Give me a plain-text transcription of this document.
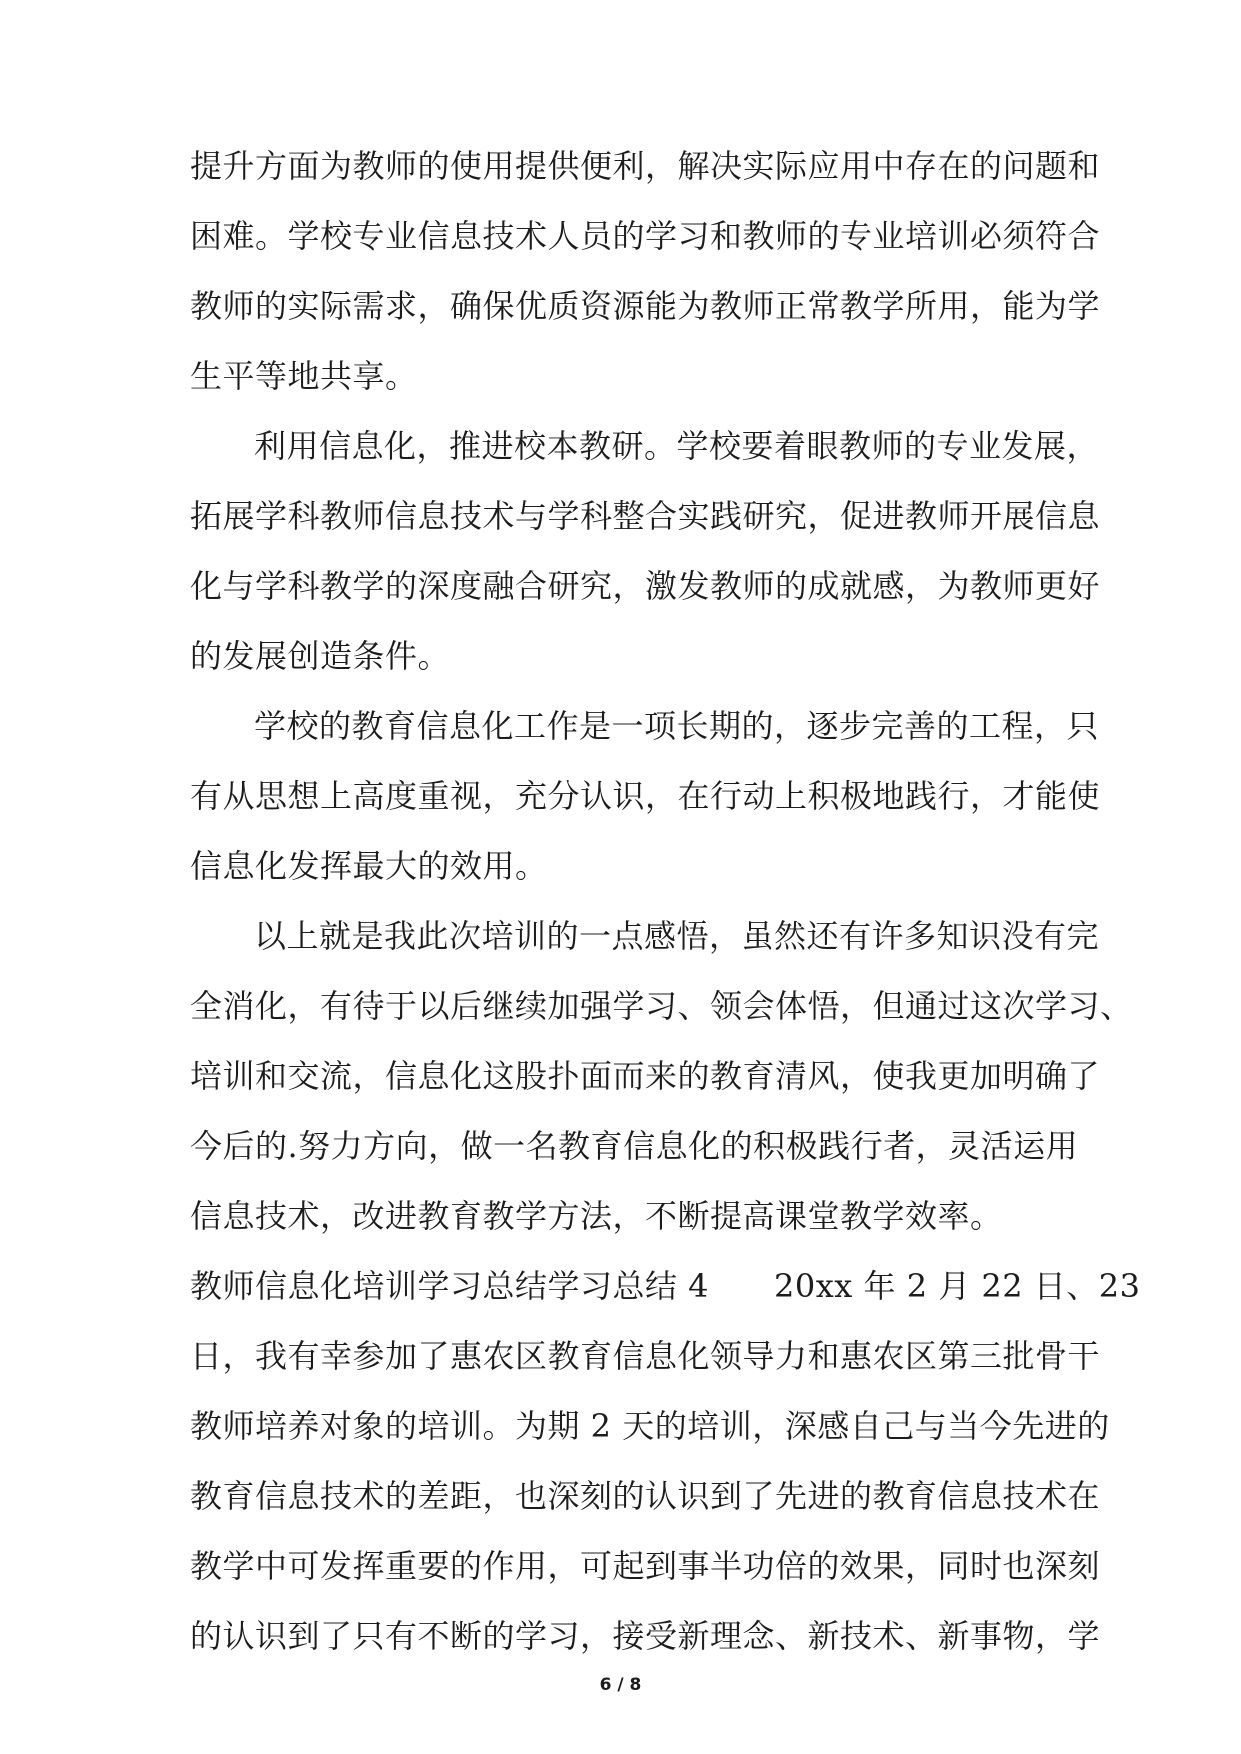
提升方面为教师的使用提供便利，解决实际应用中存在的问题和
困难。学校专业信息技术人员的学习和教师的专业培训必须符合
教师的实际需求，确保优质资源能为教师正常教学所用，能为学
生平等地共享。
利用信息化，推进校本教研。学校要着眼教师的专业发展，
拓展学科教师信息技术与学科整合实践研究，促进教师开展信息
化与学科教学的深度融合研究，激发教师的成就感，为教师更好
的发展创造条件。
学校的教育信息化工作是一项长期的，逐步完善的工程，只
有从思想上高度重视，充分认识，在行动上积极地践行，才能使
信息化发挥最大的效用。
以上就是我此次培训的一点感悟，虽然还有许多知识没有完
全消化，有待于以后继续加强学习、领会体悟，但通过这次学习、
培训和交流，信息化这股扑面而来的教育清风，使我更加明确了
今后的.努力方向，做一名教育信息化的积极践行者，灵活运用
信息技术，改进教育教学方法，不断提高课堂教学效率。
教师信息化培训学习总结学习总结 4　　20xx 年 2 月 22 日、23
日，我有幸参加了惠农区教育信息化领导力和惠农区第三批骨干
教师培养对象的培训。为期 2 天的培训，深感自己与当今先进的
教育信息技术的差距，也深刻的认识到了先进的教育信息技术在
教学中可发挥重要的作用，可起到事半功倍的效果，同时也深刻
的认识到了只有不断的学习，接受新理念、新技术、新事物，学
6 / 8
